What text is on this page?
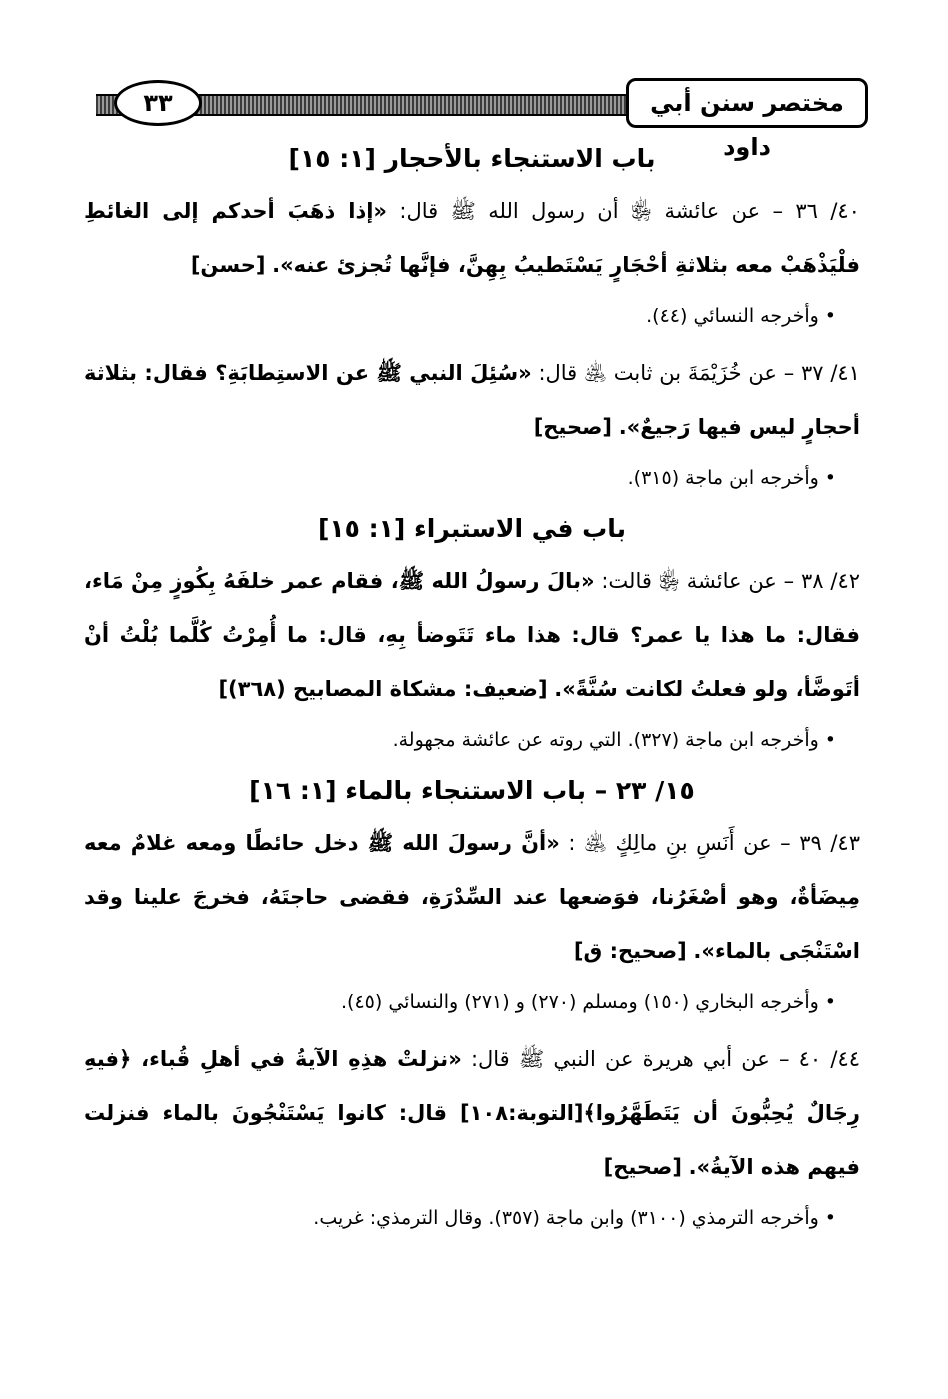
٣٣	مختصر سنن أبي داود
باب الاستنجاء بالأحجار [١: ١٥]

٤٠/ ٣٦ – عن عائشة ﵂ أن رسول الله ﷺ قال: «إذا ذهَبَ أحدكم إلى الغائطِ فلْيَذْهَبْ معه بثلاثةِ أحْجَارٍ يَسْتَطيبُ بِهِنَّ، فإنَّها تُجزئ عنه». [حسن]

•وأخرجه النسائي (٤٤).

٤١/ ٣٧ – عن خُزَيْمَةَ بن ثابت ﵁ قال: «سُئِلَ النبي ﷺ عن الاستِطابَةِ؟ فقال: بثلاثة أحجارٍ ليس فيها رَجيعٌ». [صحيح]

•وأخرجه ابن ماجة (٣١٥).
باب في الاستبراء [١: ١٥]

٤٢/ ٣٨ – عن عائشة ﵂ قالت: «بالَ رسولُ الله ﷺ، فقام عمر خلفَهُ بِكُوزٍ مِنْ مَاء، فقال: ما هذا يا عمر؟ قال: هذا ماء تَتَوضأ بِهِ، قال: ما أُمِرْتُ كُلَّما بُلْتُ أنْ أتَوضَّأ، ولو فعلتُ لكانت سُنَّةً». [ضعيف: مشكاة المصابيح (٣٦٨)]

•وأخرجه ابن ماجة (٣٢٧). التي روته عن عائشة مجهولة.
١٥/ ٢٣ – باب الاستنجاء بالماء [١: ١٦]

٤٣/ ٣٩ – عن أَنَسِ بنِ مالِكٍ ﵁ : «أنَّ رسولَ الله ﷺ دخل حائطًا ومعه غلامٌ معه مِيضَأةٌ، وهو أصْغَرُنا، فوَضعها عند السِّدْرَةِ، فقضى حاجتَهُ، فخرجَ علينا وقد اسْتَنْجَى بالماء». [صحيح: ق]

•وأخرجه البخاري (١٥٠) ومسلم (٢٧٠) و (٢٧١) والنسائي (٤٥).

٤٤/ ٤٠ – عن أبي هريرة عن النبي ﷺ قال: «نزلتْ هذِهِ الآيةُ في أهلِ قُباء، ﴿فيهِ رِجَالٌ يُحِبُّونَ أن يَتَطَهَّرُوا﴾[التوبة:١٠٨] قال: كانوا يَسْتَنْجُونَ بالماء فنزلت فيهم هذه الآيةُ». [صحيح]

•وأخرجه الترمذي (٣١٠٠) وابن ماجة (٣٥٧). وقال الترمذي: غريب.
